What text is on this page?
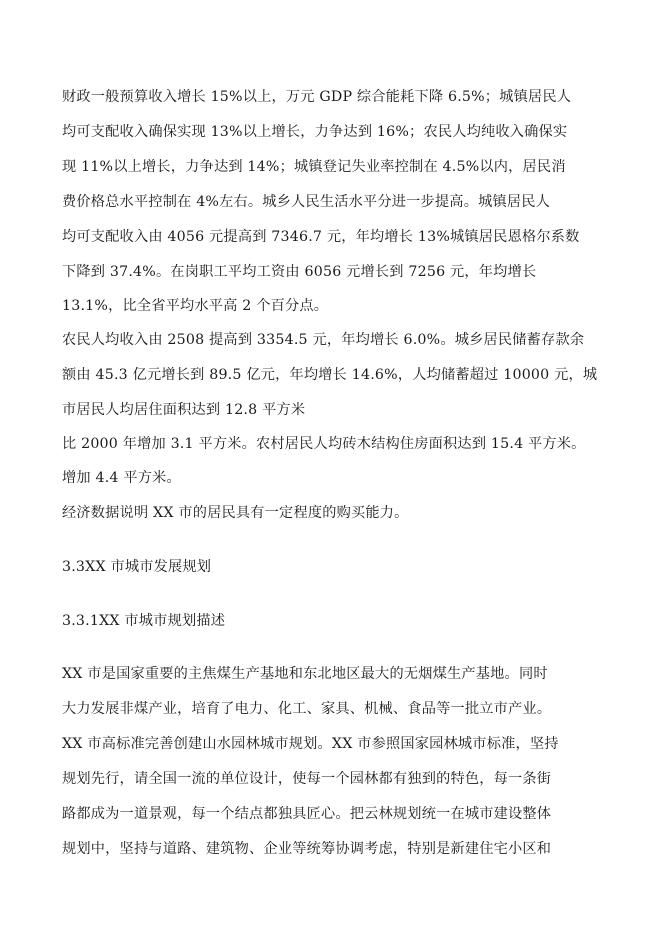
财政一般预算收入增长 15%以上，万元 GDP 综合能耗下降 6.5%；城镇居民人
均可支配收入确保实现 13%以上增长，力争达到 16%；农民人均纯收入确保实
现 11%以上增长，力争达到 14%；城镇登记失业率控制在 4.5%以内，居民消
费价格总水平控制在 4%左右。城乡人民生活水平分进一步提高。城镇居民人
均可支配收入由 4056 元提高到 7346.7 元，年均增长 13%城镇居民恩格尔系数
下降到 37.4%。在岗职工平均工资由 6056 元增长到 7256 元，年均增长
13.1%，比全省平均水平高 2 个百分点。
农民人均收入由 2508 提高到 3354.5 元，年均增长 6.0%。城乡居民储蓄存款余
额由 45.3 亿元增长到 89.5 亿元，年均增长 14.6%，人均储蓄超过 10000 元，城
市居民人均居住面积达到 12.8 平方米
比 2000 年增加 3.1 平方米。农村居民人均砖木结构住房面积达到 15.4 平方米。
增加 4.4 平方米。
经济数据说明 XX 市的居民具有一定程度的购买能力。
3.3XX 市城市发展规划
3.3.1XX 市城市规划描述
XX 市是国家重要的主焦煤生产基地和东北地区最大的无烟煤生产基地。同时
大力发展非煤产业，培育了电力、化工、家具、机械、食品等一批立市产业。
XX 市高标准完善创建山水园林城市规划。XX 市参照国家园林城市标准，坚持
规划先行，请全国一流的单位设计，使每一个园林都有独到的特色，每一条街
路都成为一道景观，每一个结点都独具匠心。把云林规划统一在城市建设整体
规划中，坚持与道路、建筑物、企业等统筹协调考虑，特别是新建住宅小区和
